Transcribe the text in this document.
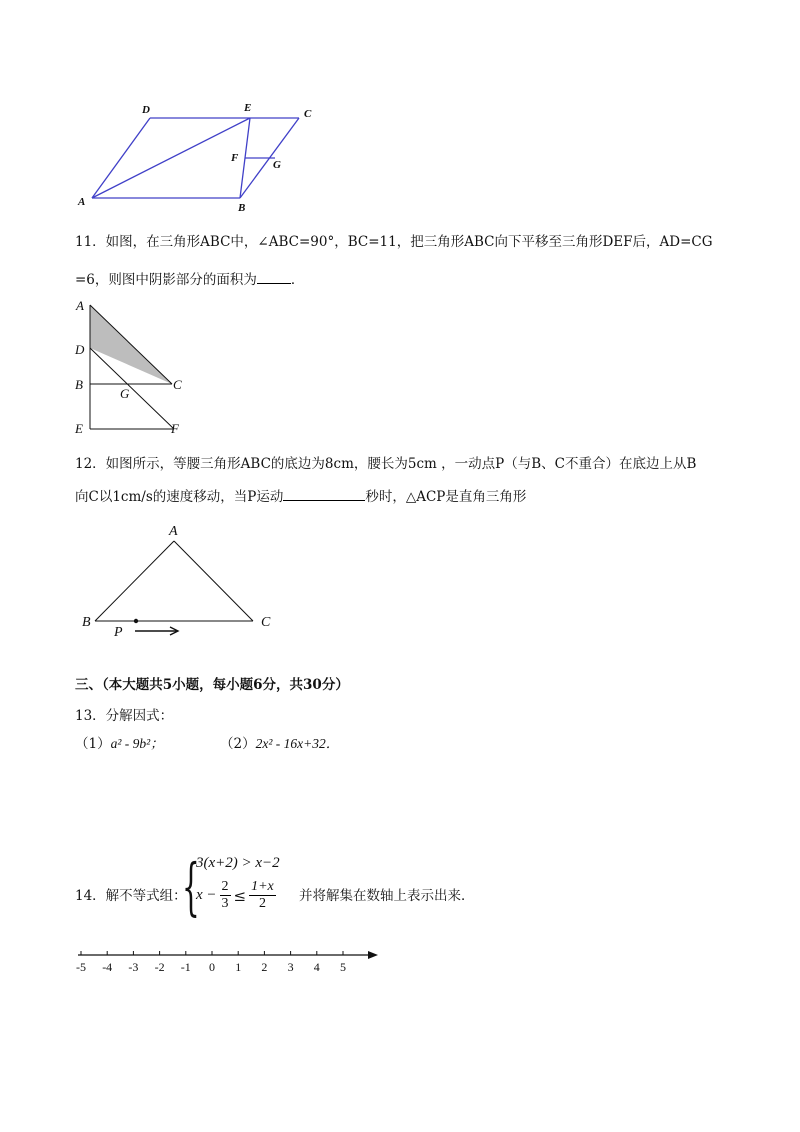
D	E	C
F
G
A	B
11．如图，在三角形ABC中，∠ABC=90°，BC=11，把三角形ABC向下平移至三角形DEF后，AD=CG
=6，则图中阴影部分的面积为	．
A
D
B	C
G
E	F
12．如图所示，等腰三角形ABC的底边为8cm，腰长为5cm ，一动点P（与B、C不重合）在底边上从B
向C以1cm/s的速度移动，当P运动	秒时，△ACP是直角三角形
A
B	C
P
三、（本大题共5小题，每小题6分，共30分）
13．分解因式：
（1）a² - 9b²；	（2）2x² - 16x+32．
14．解不等式组：
{
3(x+2) > x−2
$x - \frac{2}{3} \le \frac{1+x}{2}$ 并将解集在数轴上表示出来．
-5 -4 -3 -2 -1 0 1 2 3 4 5
